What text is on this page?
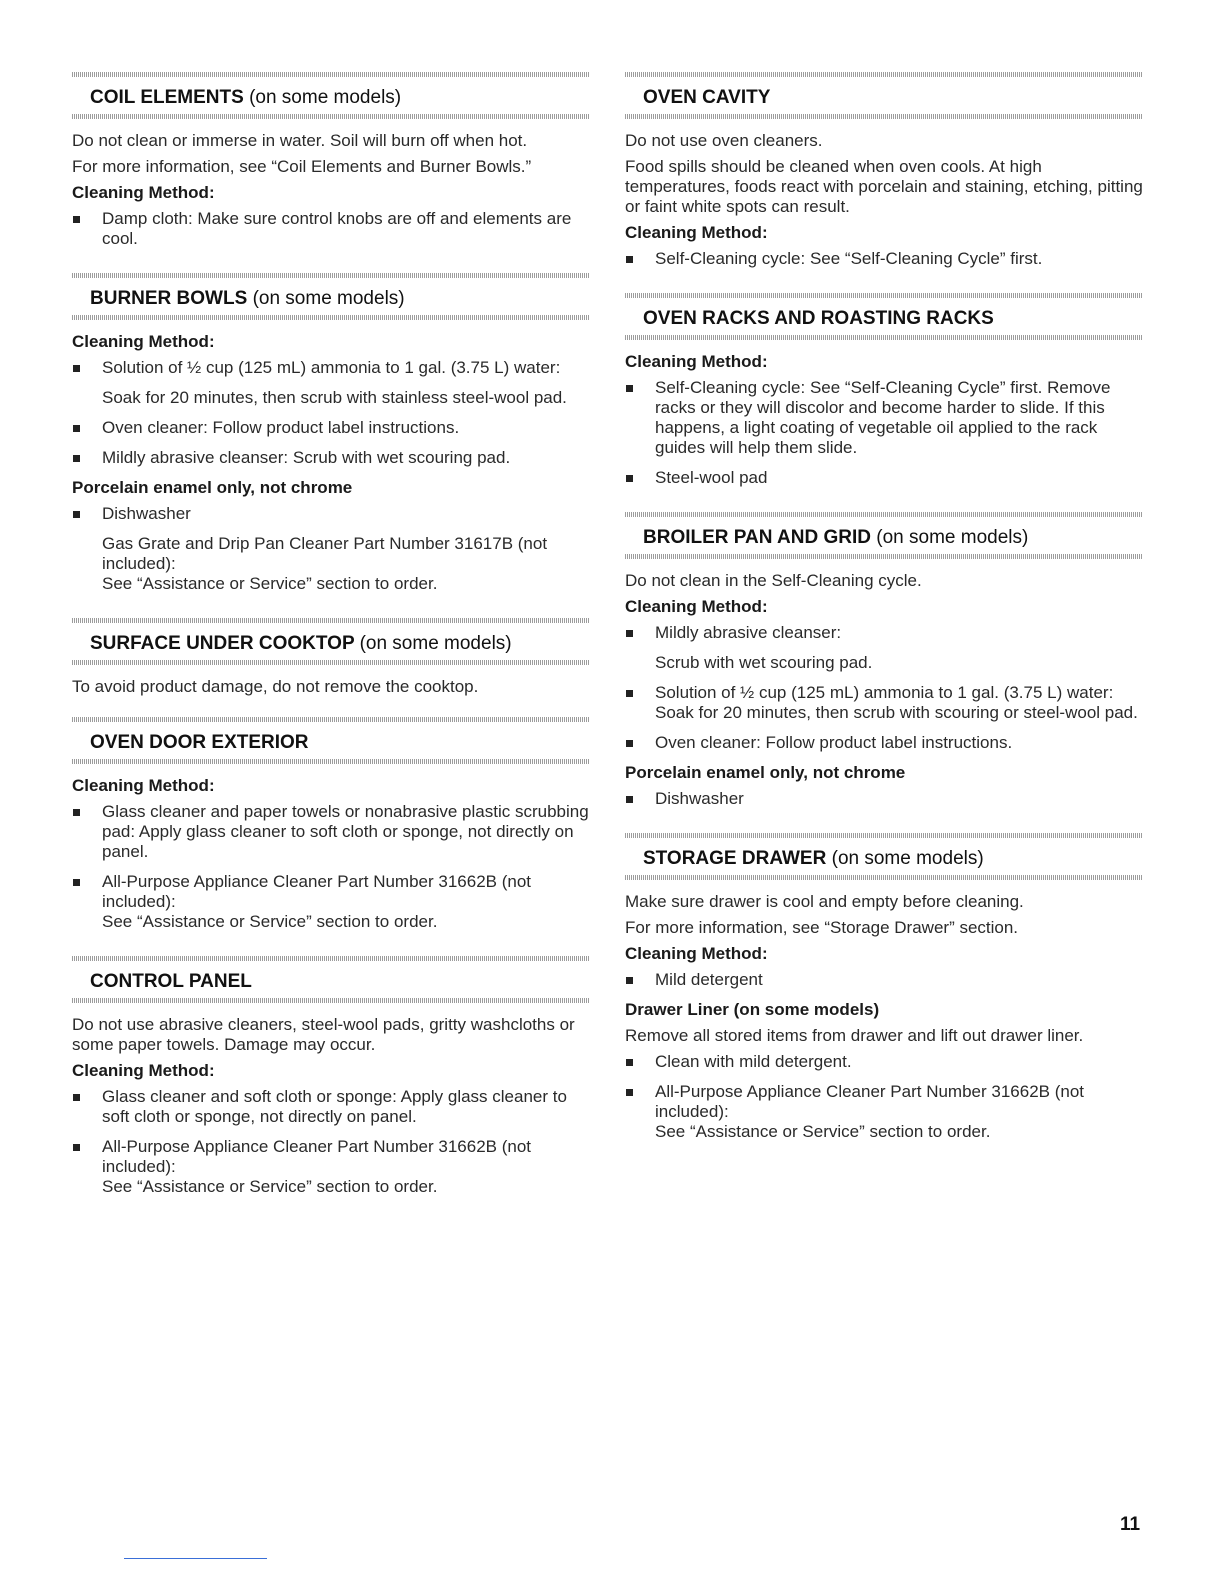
COIL ELEMENTS (on some models)

Do not clean or immerse in water. Soil will burn off when hot.

For more information, see “Coil Elements and Burner Bowls.”

Cleaning Method:

Damp cloth: Make sure control knobs are off and elements are cool.
BURNER BOWLS (on some models)

Cleaning Method:

Solution of ½ cup (125 mL) ammonia to 1 gal. (3.75 L) water:
Soak for 20 minutes, then scrub with stainless steel-wool pad.
Oven cleaner: Follow product label instructions.
Mildly abrasive cleanser: Scrub with wet scouring pad.

Porcelain enamel only, not chrome

Dishwasher
Gas Grate and Drip Pan Cleaner Part Number 31617B (not included):
See “Assistance or Service” section to order.
SURFACE UNDER COOKTOP (on some models)

To avoid product damage, do not remove the cooktop.

OVEN DOOR EXTERIOR

Cleaning Method:

Glass cleaner and paper towels or nonabrasive plastic scrubbing pad: Apply glass cleaner to soft cloth or sponge, not directly on panel.
All-Purpose Appliance Cleaner Part Number 31662B (not included):
See “Assistance or Service” section to order.
CONTROL PANEL

Do not use abrasive cleaners, steel-wool pads, gritty washcloths or some paper towels. Damage may occur.

Cleaning Method:

Glass cleaner and soft cloth or sponge: Apply glass cleaner to soft cloth or sponge, not directly on panel.
All-Purpose Appliance Cleaner Part Number 31662B (not included):
See “Assistance or Service” section to order.
OVEN CAVITY

Do not use oven cleaners.

Food spills should be cleaned when oven cools. At high temperatures, foods react with porcelain and staining, etching, pitting or faint white spots can result.

Cleaning Method:

Self-Cleaning cycle: See “Self-Cleaning Cycle” first.
OVEN RACKS AND ROASTING RACKS

Cleaning Method:

Self-Cleaning cycle: See “Self-Cleaning Cycle” first. Remove racks or they will discolor and become harder to slide. If this happens, a light coating of vegetable oil applied to the rack guides will help them slide.
Steel-wool pad
BROILER PAN AND GRID (on some models)

Do not clean in the Self-Cleaning cycle.

Cleaning Method:

Mildly abrasive cleanser:
Scrub with wet scouring pad.
Solution of ½ cup (125 mL) ammonia to 1 gal. (3.75 L) water: Soak for 20 minutes, then scrub with scouring or steel-wool pad.
Oven cleaner: Follow product label instructions.

Porcelain enamel only, not chrome

Dishwasher
STORAGE DRAWER (on some models)

Make sure drawer is cool and empty before cleaning.

For more information, see “Storage Drawer” section.

Cleaning Method:

Mild detergent

Drawer Liner (on some models)

Remove all stored items from drawer and lift out drawer liner.

Clean with mild detergent.
All-Purpose Appliance Cleaner Part Number 31662B (not included):
See “Assistance or Service” section to order.
11
